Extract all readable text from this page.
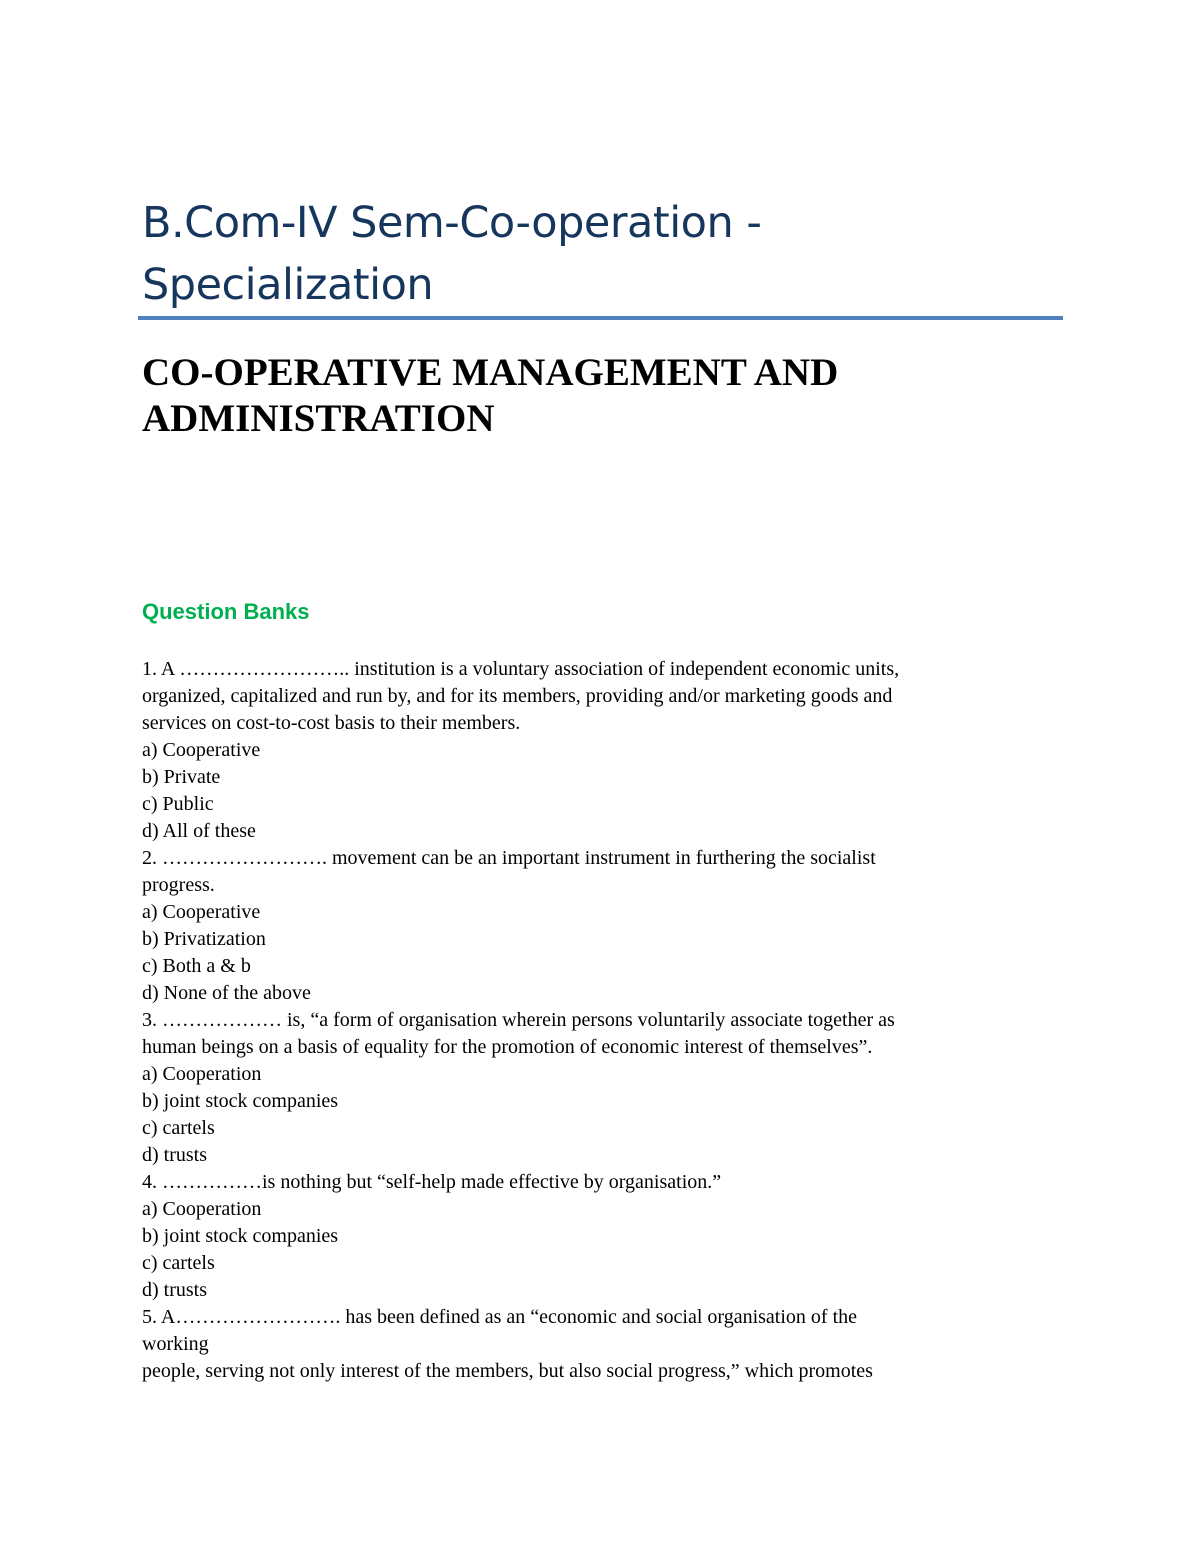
B.Com-IV Sem-Co-operation -
Specialization
CO-OPERATIVE MANAGEMENT AND
ADMINISTRATION
Question Banks
1. A …………………….. institution is a voluntary association of independent economic units,
organized, capitalized and run by, and for its members, providing and/or marketing goods and
services on cost-to-cost basis to their members.
a) Cooperative
b) Private
c) Public
d) All of these
2. ……………………. movement can be an important instrument in furthering the socialist
progress.
a) Cooperative
b) Privatization
c) Both a & b
d) None of the above
3. ……………… is, “a form of organisation wherein persons voluntarily associate together as
human beings on a basis of equality for the promotion of economic interest of themselves”.
a) Cooperation
b) joint stock companies
c) cartels
d) trusts
4. ……………is nothing but “self-help made effective by organisation.”
a) Cooperation
b) joint stock companies
c) cartels
d) trusts
5. A……………………. has been defined as an “economic and social organisation of the
working
people, serving not only interest of the members, but also social progress,” which promotes
